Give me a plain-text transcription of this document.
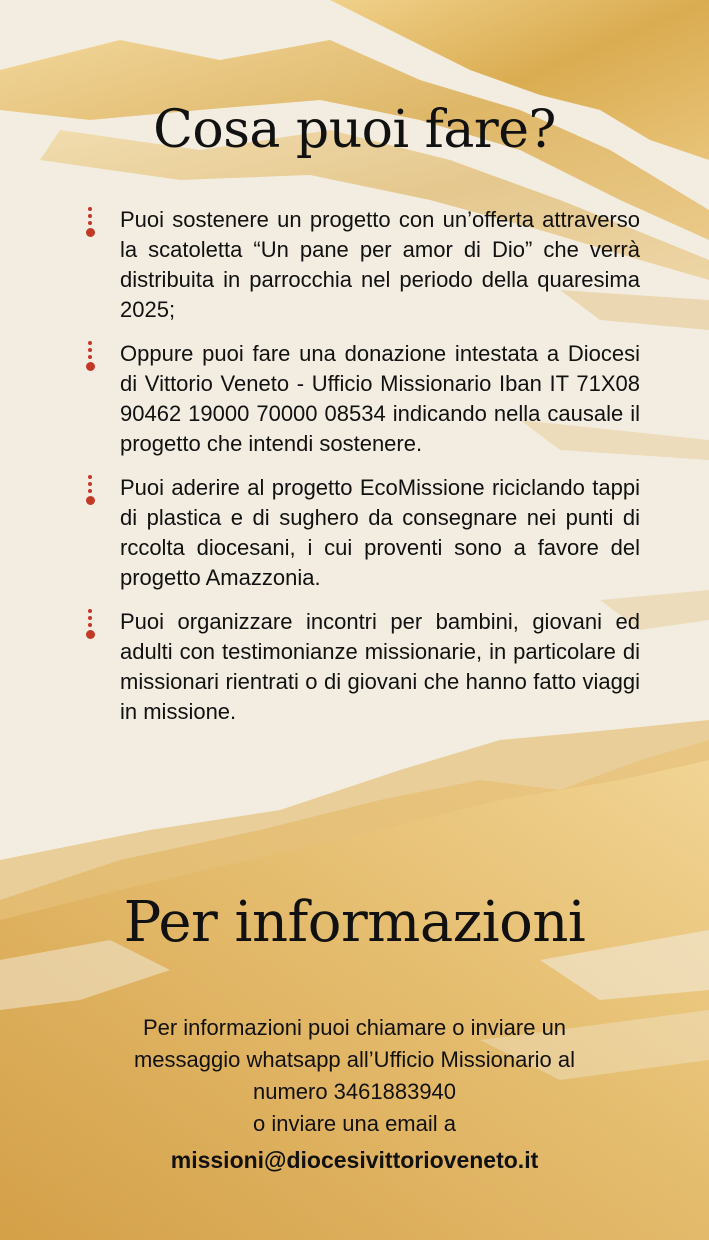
Cosa puoi fare?

Puoi sostenere un progetto con un’offerta attraverso la scatoletta “Un pane per amor di Dio” che verrà distribuita in parrocchia nel periodo della quaresima 2025;

Oppure puoi fare una donazione intestata a Diocesi di Vittorio Veneto - Ufficio Missionario Iban IT 71X08 90462 19000 70000 08534 indicando nella causale il progetto che intendi sostenere.

Puoi aderire al progetto EcoMissione riciclando tappi di plastica e di sughero da consegnare nei punti di rccolta diocesani, i cui proventi sono a favore del progetto Amazzonia.

Puoi organizzare incontri per bambini, giovani ed adulti con testimonianze missionarie, in particolare di missionari rientrati o di giovani che hanno fatto viaggi in missione.

Per informazioni

Per informazioni puoi chiamare o inviare un

messaggio whatsapp all’Ufficio Missionario al

numero 3461883940

o inviare una email a

missioni@diocesivittorioveneto.it
